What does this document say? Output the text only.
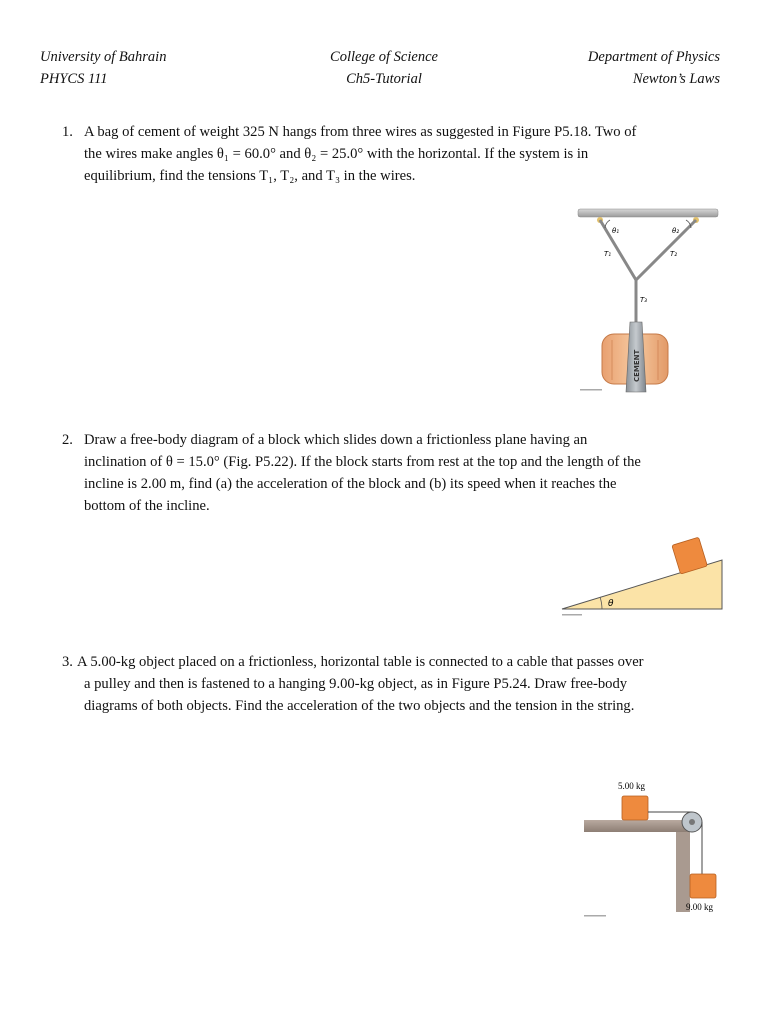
University of Bahrain
PHYCS 111
College of Science
Ch5-Tutorial
Department of Physics
Newton’s Laws
1. A bag of cement of weight 325 N hangs from three wires as suggested in Figure P5.18. Two of
the wires make angles θ₁ = 60.0° and θ₂ = 25.0° with the horizontal. If the system is in
equilibrium, find the tensions T₁, T₂, and T₃ in the wires.
θ₁	θ₂
T₁	T₂
T₃
CEMENT
2. Draw a free-body diagram of a block which slides down a frictionless plane having an
inclination of θ = 15.0° (Fig. P5.22). If the block starts from rest at the top and the length of the
incline is 2.00 m, find (a) the acceleration of the block and (b) its speed when it reaches the
bottom of the incline.
θ
3. A 5.00-kg object placed on a frictionless, horizontal table is connected to a cable that passes over
a pulley and then is fastened to a hanging 9.00-kg object, as in Figure P5.24. Draw free-body
diagrams of both objects. Find the acceleration of the two objects and the tension in the string.
5.00 kg
9.00 kg
